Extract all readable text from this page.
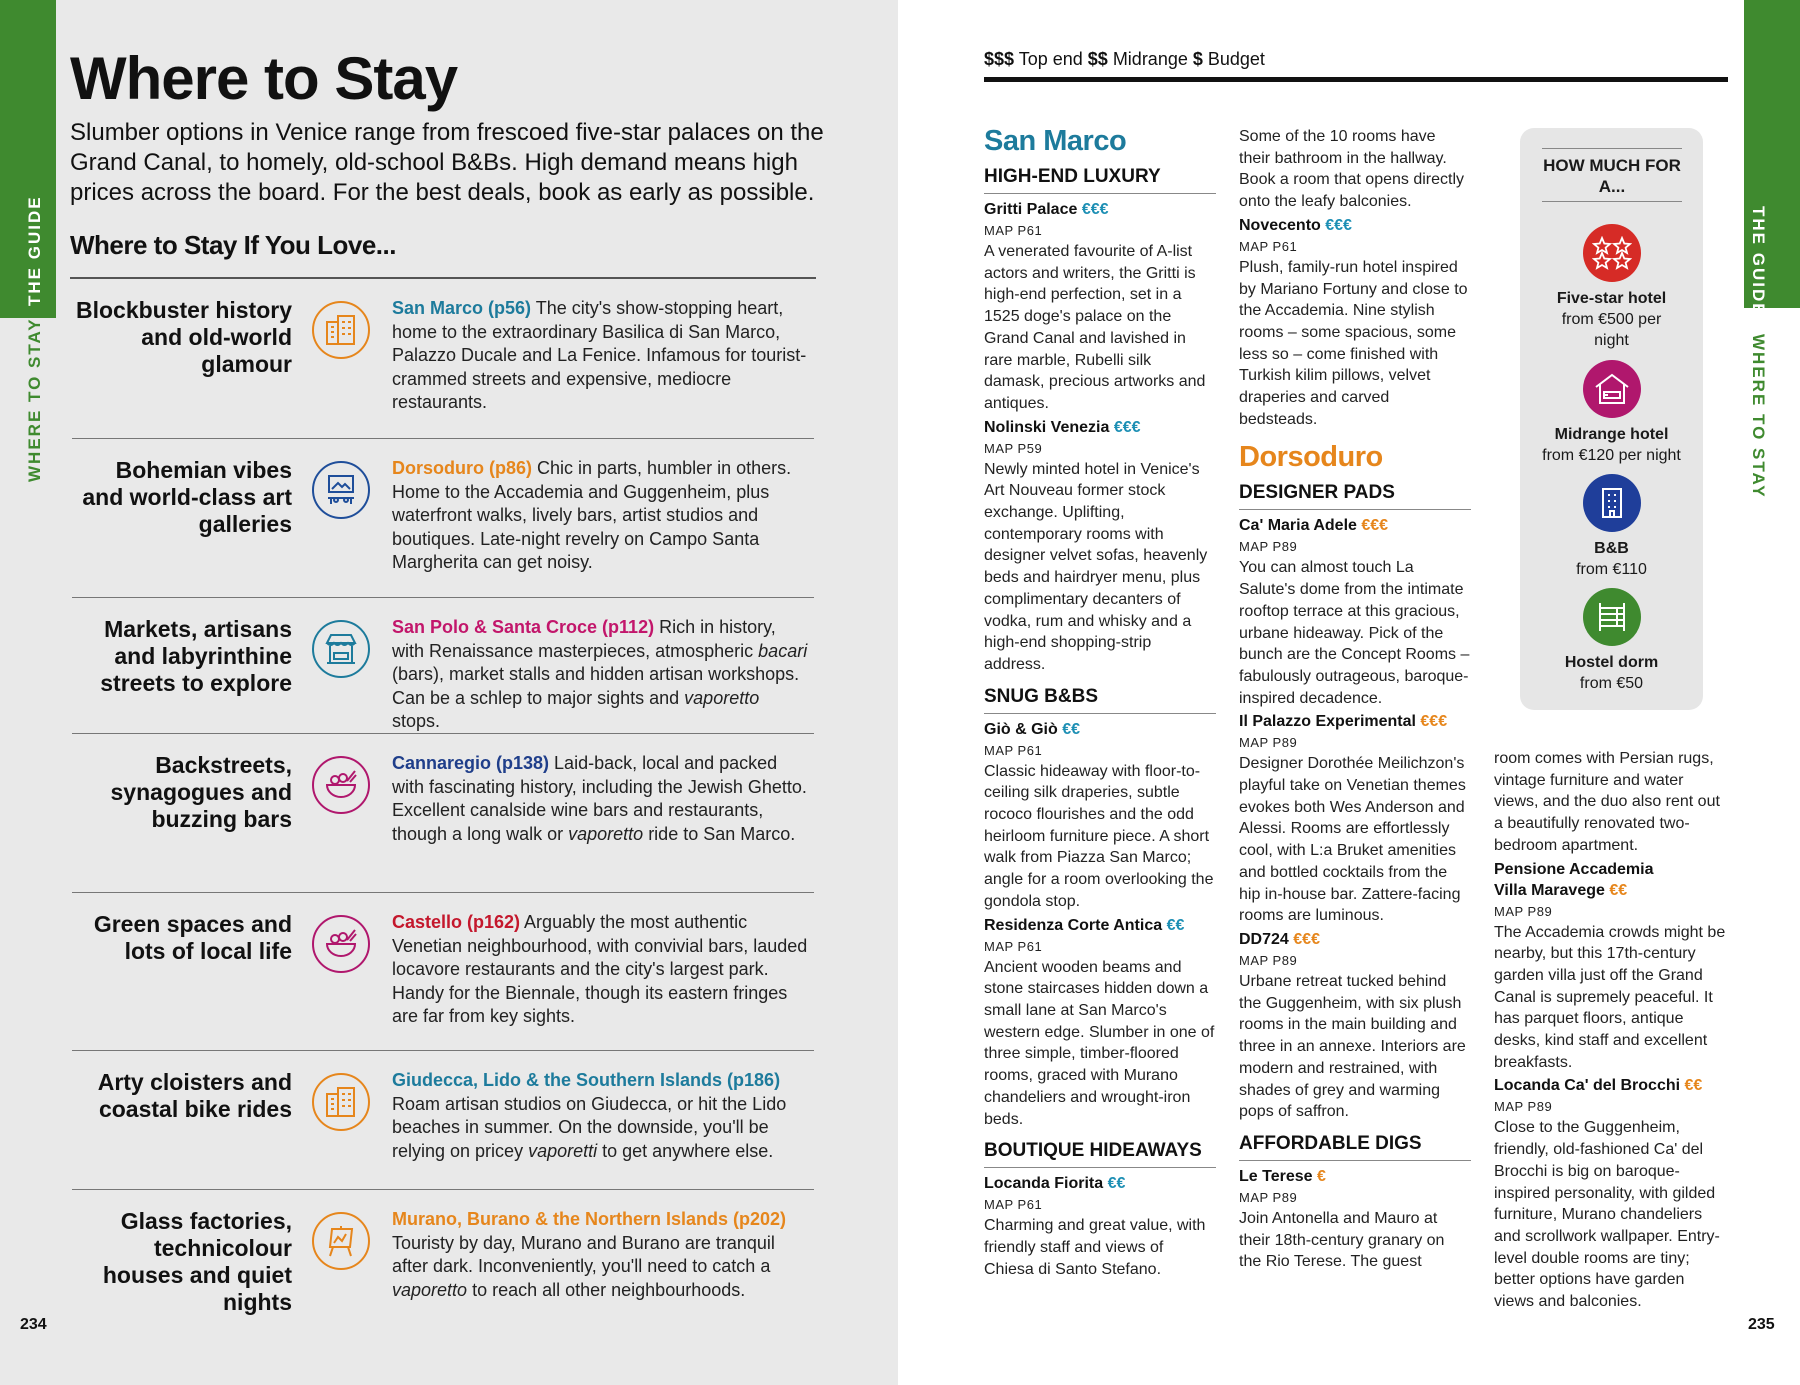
THE GUIDE
WHERE TO STAY
Where to Stay

Slumber options in Venice range from frescoed five-star palaces on the Grand Canal, to homely, old-school B&Bs. High demand means high prices across the board. For the best deals, book as early as possible.

Where to Stay If You Love...
Blockbuster history and old-world glamour
San Marco (p56) The city's show-stopping heart, home to the extraordinary Basilica di San Marco, Palazzo Ducale and La Fenice. Infamous for tourist-crammed streets and expensive, mediocre restaurants.
Bohemian vibes and world-class art galleries
Dorsoduro (p86) Chic in parts, humbler in others. Home to the Accademia and Guggenheim, plus waterfront walks, lively bars, artist studios and boutiques. Late-night revelry on Campo Santa Margherita can get noisy.
Markets, artisans and labyrinthine streets to explore
San Polo & Santa Croce (p112) Rich in history, with Renaissance masterpieces, atmospheric bacari (bars), market stalls and hidden artisan workshops. Can be a schlep to major sights and vaporetto stops.
Backstreets, synagogues and buzzing bars
Cannaregio (p138) Laid-back, local and packed with fascinating history, including the Jewish Ghetto. Excellent canalside wine bars and restaurants, though a long walk or vaporetto ride to San Marco.
Green spaces and lots of local life
Castello (p162) Arguably the most authentic Venetian neighbourhood, with convivial bars, lauded locavore restaurants and the city's largest park. Handy for the Biennale, though its eastern fringes are far from key sights.
Arty cloisters and coastal bike rides
Giudecca, Lido & the Southern Islands (p186) Roam artisan studios on Giudecca, or hit the Lido beaches in summer. On the downside, you'll be relying on pricey vaporetti to get anywhere else.
Glass factories, technicolour houses and quiet nights
Murano, Burano & the Northern Islands (p202) Touristy by day, Murano and Burano are tranquil after dark. Inconveniently, you'll need to catch a vaporetto to reach all other neighbourhoods.
234
THE GUIDE
WHERE TO STAY
$$$ Top end $$ Midrange $ Budget
San Marco
HIGH-END LUXURY
Gritti Palace €€€
MAP P61
A venerated favourite of A-list actors and writers, the Gritti is high-end perfection, set in a 1525 doge's palace on the Grand Canal and lavished in rare marble, Rubelli silk damask, precious artworks and antiques.
Nolinski Venezia €€€
MAP P59
Newly minted hotel in Venice's Art Nouveau former stock exchange. Uplifting, contemporary rooms with designer velvet sofas, heavenly beds and hairdryer menu, plus complimentary decanters of vodka, rum and whisky and a high-end shopping-strip address.
SNUG B&BS
Giò & Giò €€
MAP P61
Classic hideaway with floor-to-ceiling silk draperies, subtle rococo flourishes and the odd heirloom furniture piece. A short walk from Piazza San Marco; angle for a room overlooking the gondola stop.
Residenza Corte Antica €€
MAP P61
Ancient wooden beams and stone staircases hidden down a small lane at San Marco's western edge. Slumber in one of three simple, timber-floored rooms, graced with Murano chandeliers and wrought-iron beds.
BOUTIQUE HIDEAWAYS
Locanda Fiorita €€
MAP P61
Charming and great value, with friendly staff and views of Chiesa di Santo Stefano.
Some of the 10 rooms have their bathroom in the hallway. Book a room that opens directly onto the leafy balconies.
Novecento €€€
MAP P61
Plush, family-run hotel inspired by Mariano Fortuny and close to the Accademia. Nine stylish rooms – some spacious, some less so – come finished with Turkish kilim pillows, velvet draperies and carved bedsteads.
Dorsoduro
DESIGNER PADS
Ca' Maria Adele €€€
MAP P89
You can almost touch La Salute's dome from the intimate rooftop terrace at this gracious, urbane hideaway. Pick of the bunch are the Concept Rooms – fabulously outrageous, baroque-inspired decadence.
Il Palazzo Experimental €€€
MAP P89
Designer Dorothée Meilichzon's playful take on Venetian themes evokes both Wes Anderson and Alessi. Rooms are effortlessly cool, with L:a Bruket amenities and bottled cocktails from the hip in-house bar. Zattere-facing rooms are luminous.
DD724 €€€
MAP P89
Urbane retreat tucked behind the Guggenheim, with six plush rooms in the main building and three in an annexe. Interiors are modern and restrained, with shades of grey and warming pops of saffron.
AFFORDABLE DIGS
Le Terese €
MAP P89
Join Antonella and Mauro at their 18th-century granary on the Rio Terese. The guest
HOW MUCH FOR A...
Five-star hotel
from €500 per night
Midrange hotel
from €120 per night
B&B
from €110
Hostel dorm
from €50
room comes with Persian rugs, vintage furniture and water views, and the duo also rent out a beautifully renovated two-bedroom apartment.
Pensione Accademia
Villa Maravege €€
MAP P89
The Accademia crowds might be nearby, but this 17th-century garden villa just off the Grand Canal is supremely peaceful. It has parquet floors, antique desks, kind staff and excellent breakfasts.
Locanda Ca' del Brocchi €€
MAP P89
Close to the Guggenheim, friendly, old-fashioned Ca' del Brocchi is big on baroque-inspired personality, with gilded furniture, Murano chandeliers and scrollwork wallpaper. Entry-level double rooms are tiny; better options have garden views and balconies.
235
